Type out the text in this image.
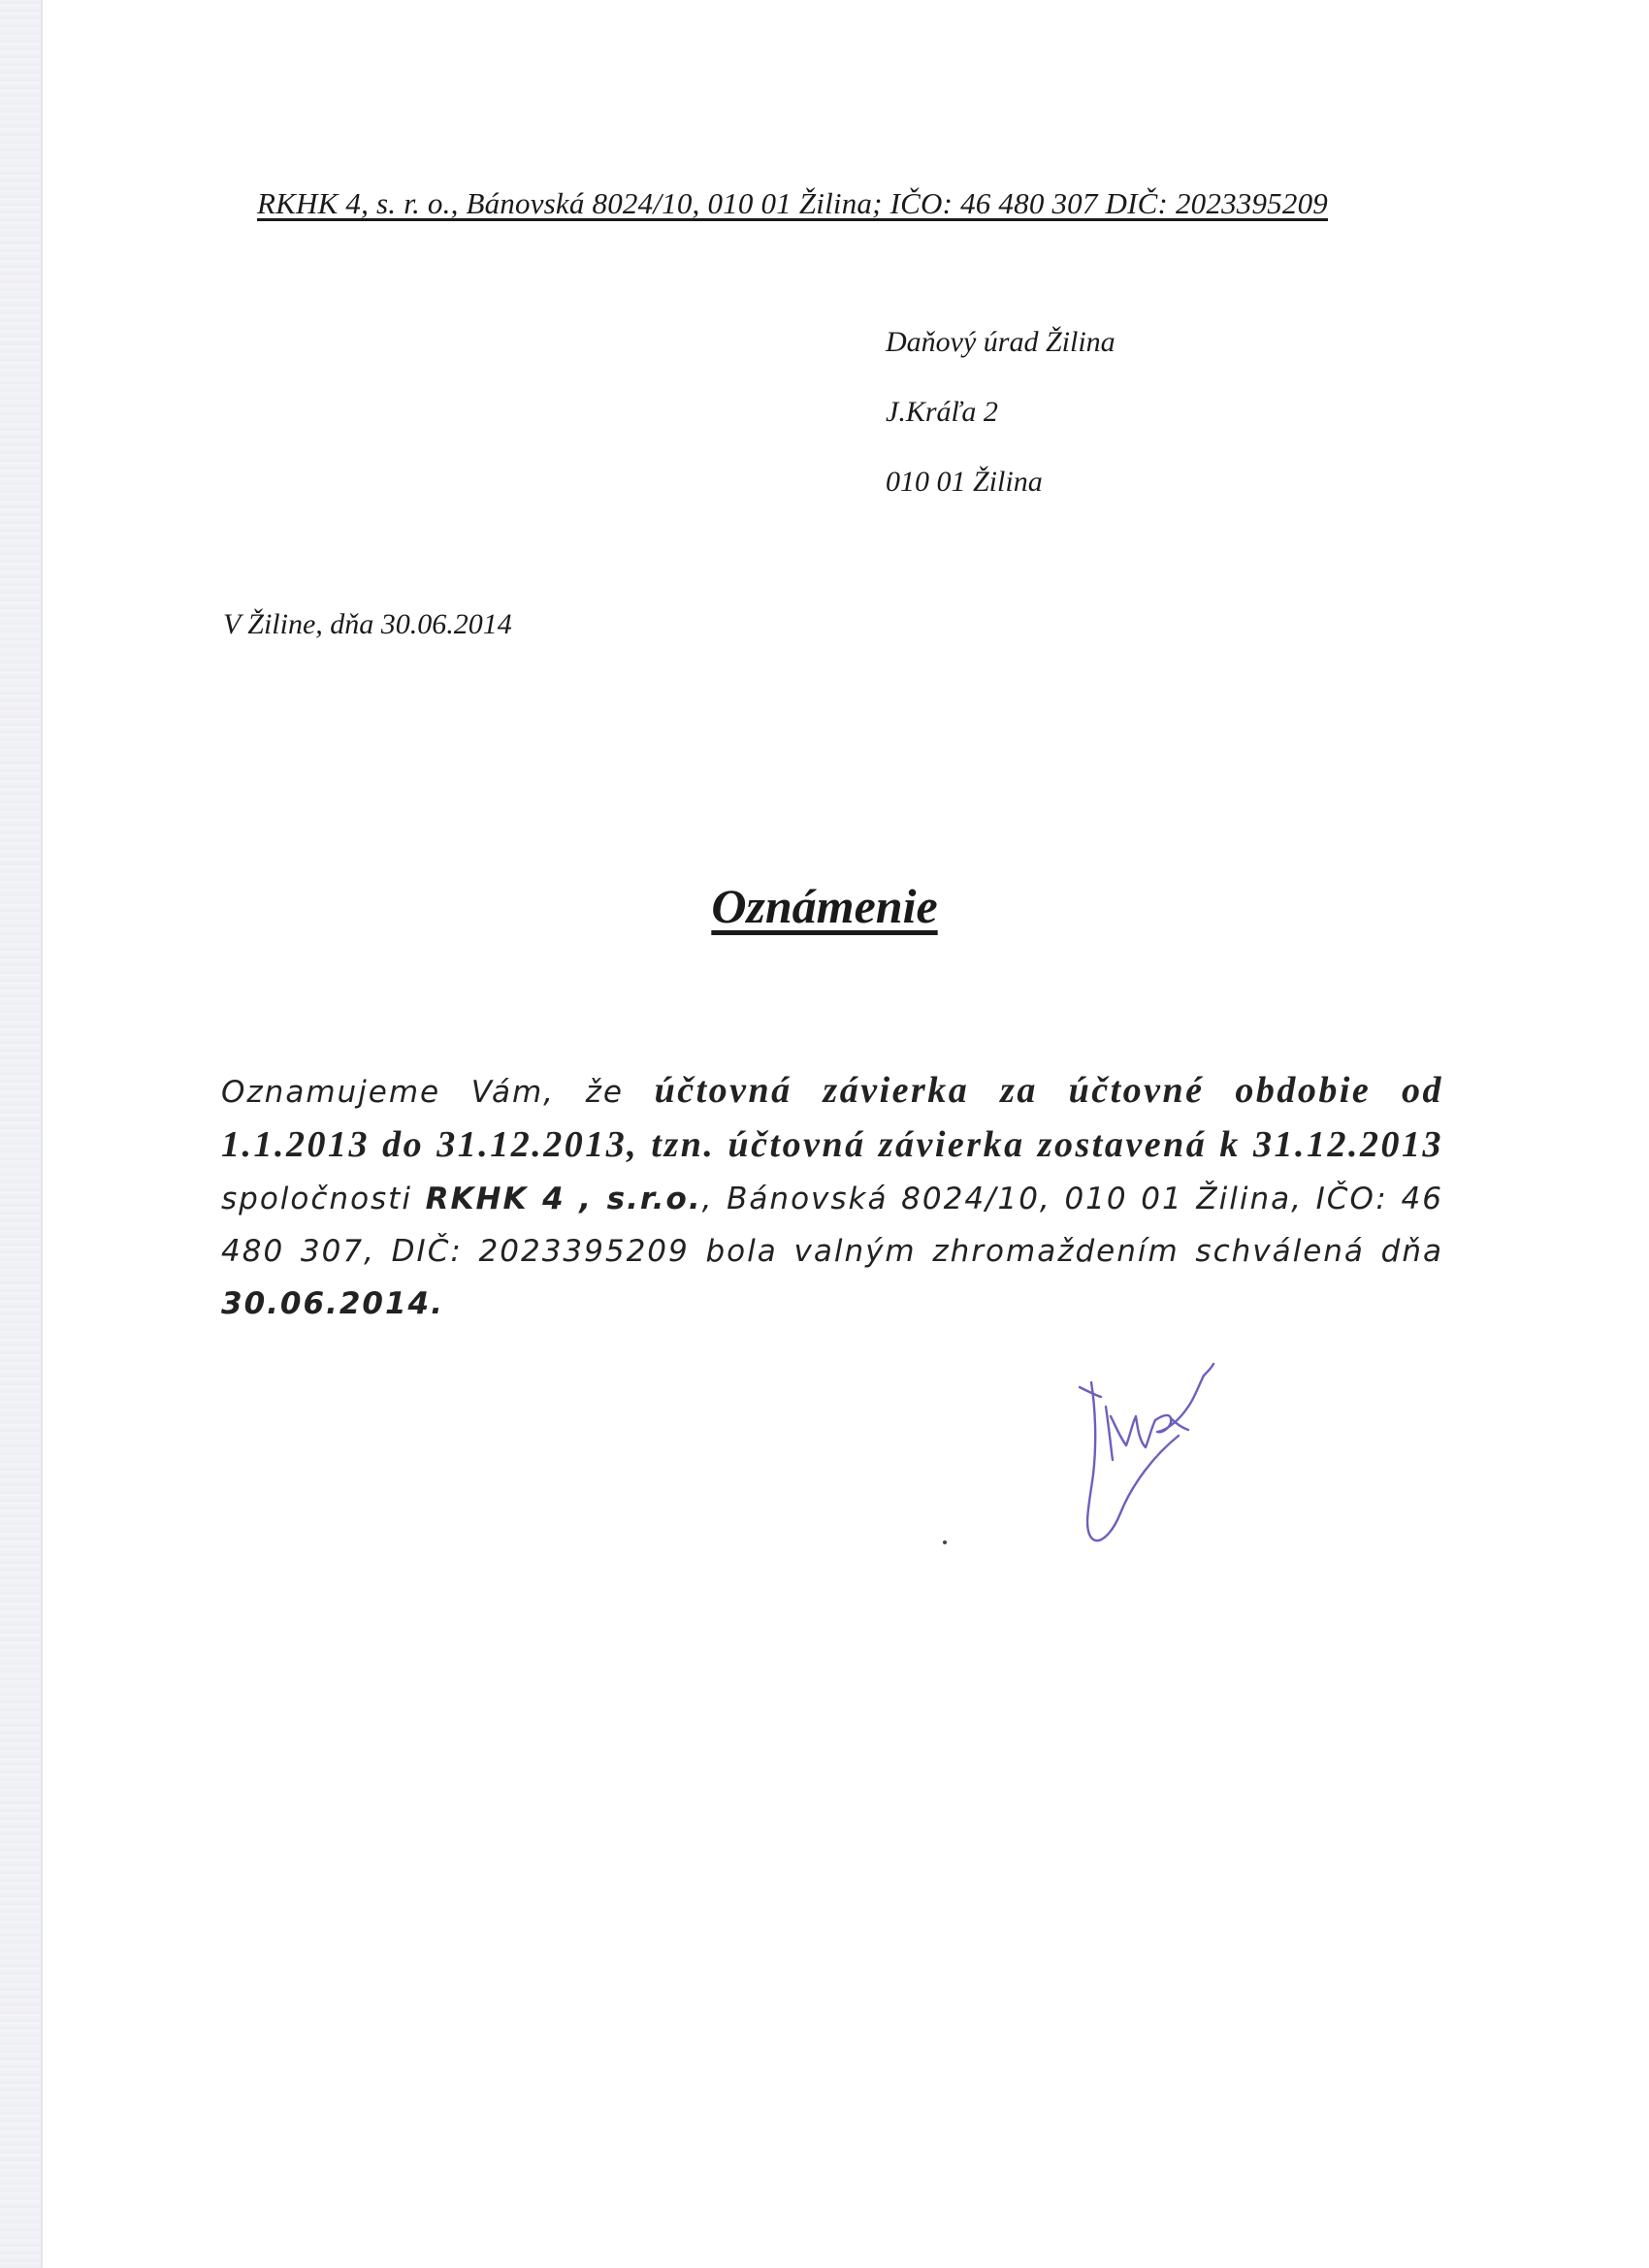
RKHK 4, s. r. o., Bánovská 8024/10, 010 01 Žilina; IČO: 46 480 307 DIČ: 2023395209
Daňový úrad Žilina
J.Kráľa 2
010 01 Žilina
V Žiline, dňa 30.06.2014
Oznámenie
Oznamujeme Vám, že účtovná závierka za účtovné obdobie od 1.1.2013 do 31.12.2013, tzn. účtovná závierka zostavená k 31.12.2013 spoločnosti RKHK 4 , s.r.o., Bánovská 8024/10, 010 01 Žilina, IČO: 46 480 307, DIČ: 2023395209 bola valným zhromaždením schválená dňa 30.06.2014.
